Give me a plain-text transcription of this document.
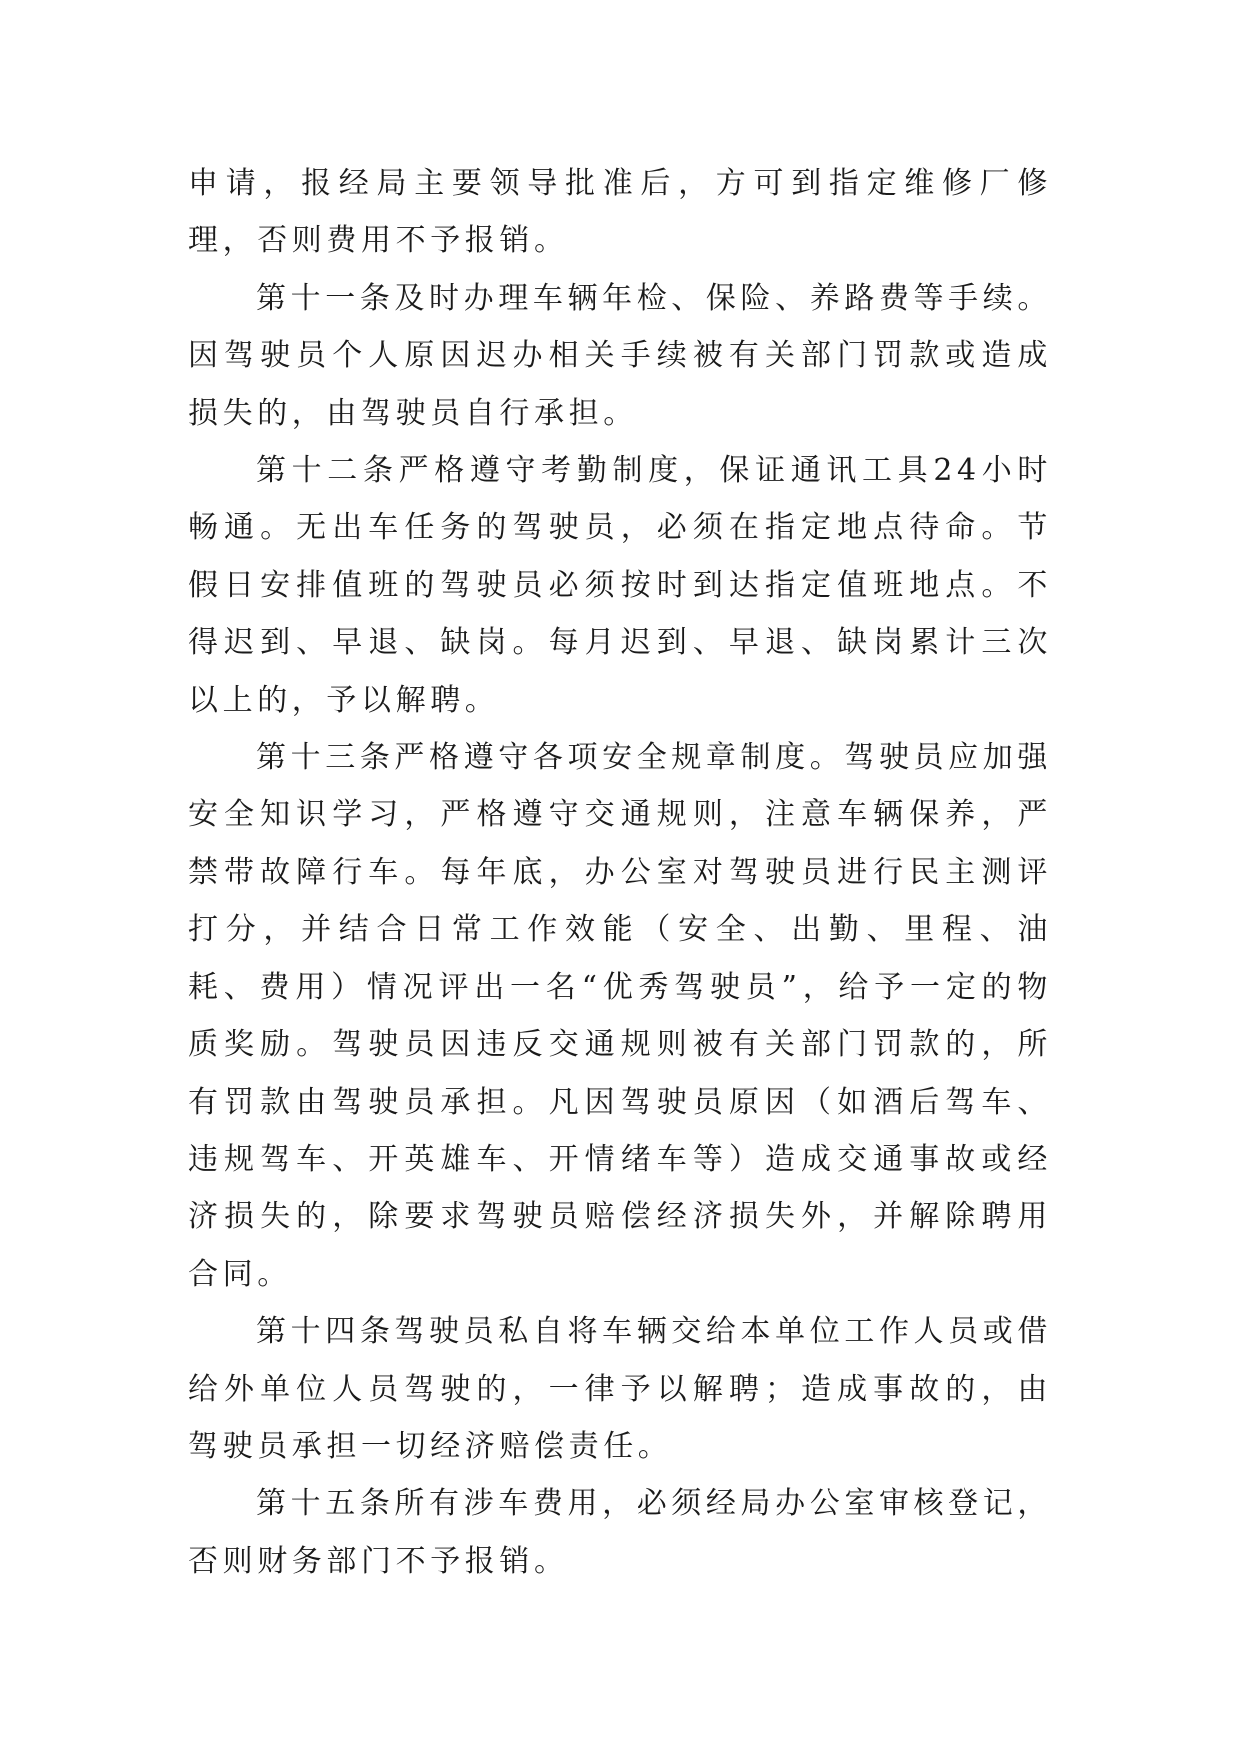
申请，报经局主要领导批准后，方可到指定维修厂修理，否则费用不予报销。

第十一条及时办理车辆年检、保险、养路费等手续。因驾驶员个人原因迟办相关手续被有关部门罚款或造成损失的，由驾驶员自行承担。

第十二条严格遵守考勤制度，保证通讯工具24小时畅通。无出车任务的驾驶员，必须在指定地点待命。节假日安排值班的驾驶员必须按时到达指定值班地点。不得迟到、早退、缺岗。每月迟到、早退、缺岗累计三次以上的，予以解聘。

第十三条严格遵守各项安全规章制度。驾驶员应加强安全知识学习，严格遵守交通规则，注意车辆保养，严禁带故障行车。每年底，办公室对驾驶员进行民主测评打分，并结合日常工作效能（安全、出勤、里程、油耗、费用）情况评出一名“优秀驾驶员”，给予一定的物质奖励。驾驶员因违反交通规则被有关部门罚款的，所有罚款由驾驶员承担。凡因驾驶员原因（如酒后驾车、违规驾车、开英雄车、开情绪车等）造成交通事故或经济损失的，除要求驾驶员赔偿经济损失外，并解除聘用合同。

第十四条驾驶员私自将车辆交给本单位工作人员或借给外单位人员驾驶的，一律予以解聘；造成事故的，由驾驶员承担一切经济赔偿责任。

第十五条所有涉车费用，必须经局办公室审核登记，否则财务部门不予报销。
